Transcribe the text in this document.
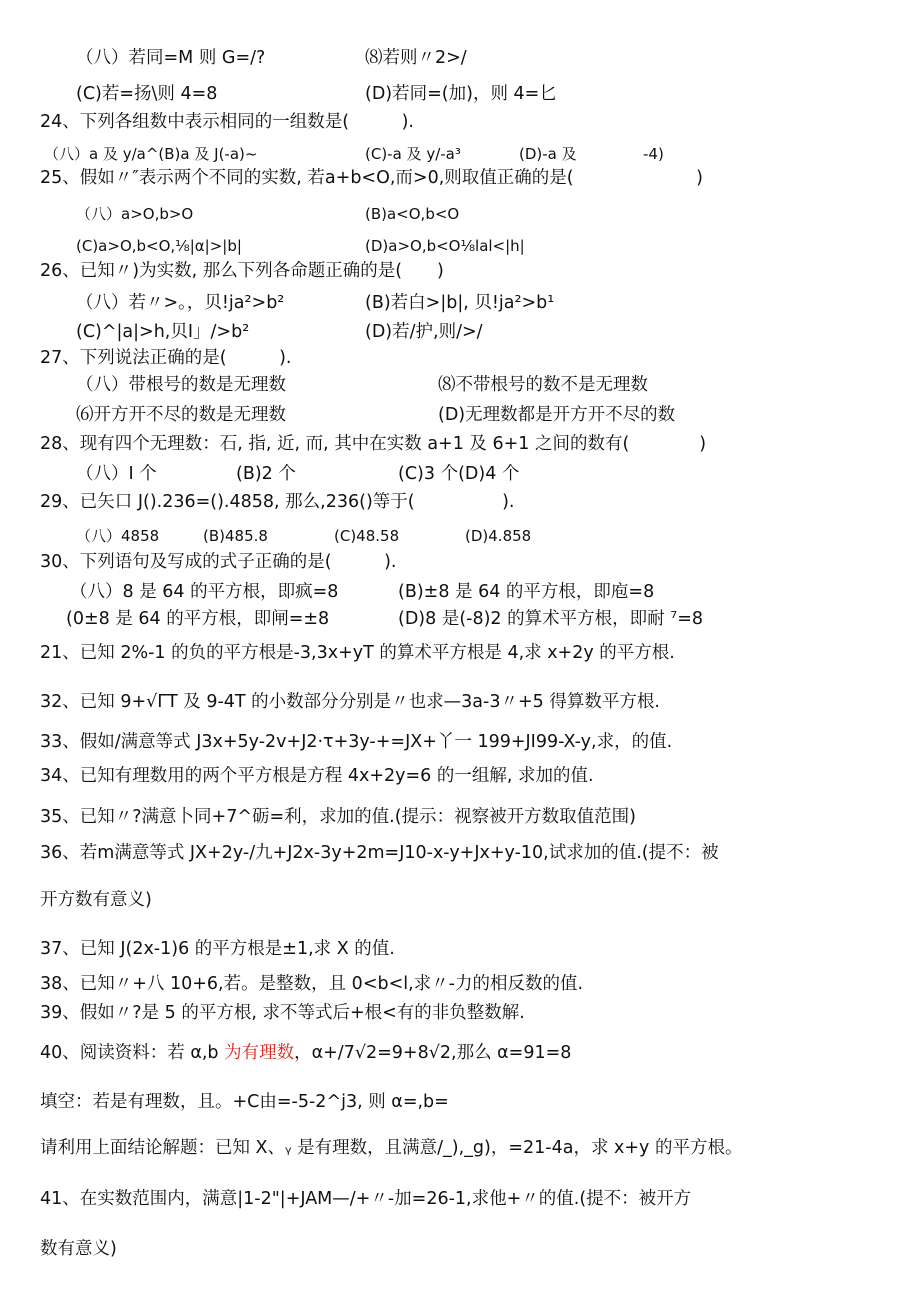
（八）若同=M 则 G=/?	⑻若则〃2>/
(C)若=扬\则 4=8	(D)若同=(加)，则 4=匕
24、下列各组数中表示相同的一组数是(　　　).
（八）a 及 y/a^(B)a 及 J(-a)~	(C)-a 及 y/-a³	(D)-a 及	-4)
25、假如〃″表示两个不同的实数, 若a+b<O,而>0,则取值正确的是(　　　　　　　)
（八）a>O,b>O	(B)a<O,b<O
(C)a>O,b<O,⅛|α|>|b|	(D)a>O,b<O⅛lal<|h|
26、已知〃)为实数, 那么下列各命题正确的是(　　)
（八）若〃>。，贝!ja²>b²	(B)若白>|b|, 贝!ja²>b¹
(C)^|a|>h,贝I」/>b²	(D)若/护,则/>/
27、下列说法正确的是(　　　).
（八）带根号的数是无理数	⑻不带根号的数不是无理数
⑹开方开不尽的数是无理数	(D)无理数都是开方开不尽的数
28、现有四个无理数：石, 指, 近, 而, 其中在实数 a+1 及 6+1 之间的数有(　　　　)
（八）I 个	(B)2 个	(C)3 个(D)4 个
29、已矢口 J().236=().4858, 那么,236()等于(　　　　　).
（八）4858	(B)485.8	(C)48.58	(D)4.858
30、下列语句及写成的式子正确的是(　　　).
（八）8 是 64 的平方根，即疯=8	(B)±8 是 64 的平方根，即庖=8
(0±8 是 64 的平方根，即闸=±8	(D)8 是(-8)2 的算术平方根，即耐 ⁷=8
21、已知 2%-1 的负的平方根是-3,3x+yT 的算术平方根是 4,求 x+2y 的平方根.
32、已知 9+√ΓT 及 9-4T 的小数部分分别是〃也求—3a-3〃+5 得算数平方根.
33、假如/满意等式 J3x+5y-2v+J2·τ+3y-+=JX+丫一 199+JI99-X-y,求，的值.
34、已知有理数用的两个平方根是方程 4x+2y=6 的一组解, 求加的值.
35、已知〃?满意卜同+7^砺=利，求加的值.(提示：视察被开方数取值范围)
36、若m满意等式 JX+2y-/九+J2x-3y+2m=J10-x-y+Jx+y-10,试求加的值.(提不：被
开方数有意义)
37、已知 J(2x-1)6 的平方根是±1,求 X 的值.
38、已知〃+八 10+6,若。是整数，且 0<b<l,求〃-力的相反数的值.
39、假如〃?是 5 的平方根, 求不等式后+根<有的非负整数解.
40、阅读资料：若 α,b 为有理数，α+/7√2=9+8√2,那么 α=91=8
填空：若是有理数，且。+C由=-5-2^j3, 则 α=,b=
请利用上面结论解题：已知 X、ᵧ 是有理数，且满意/_),_g)，=21-4a，求 x+y 的平方根。
41、在实数范围内，满意|1-2"|+JAM—/+〃-加=26-1,求他+〃的值.(提不：被开方
数有意义)
